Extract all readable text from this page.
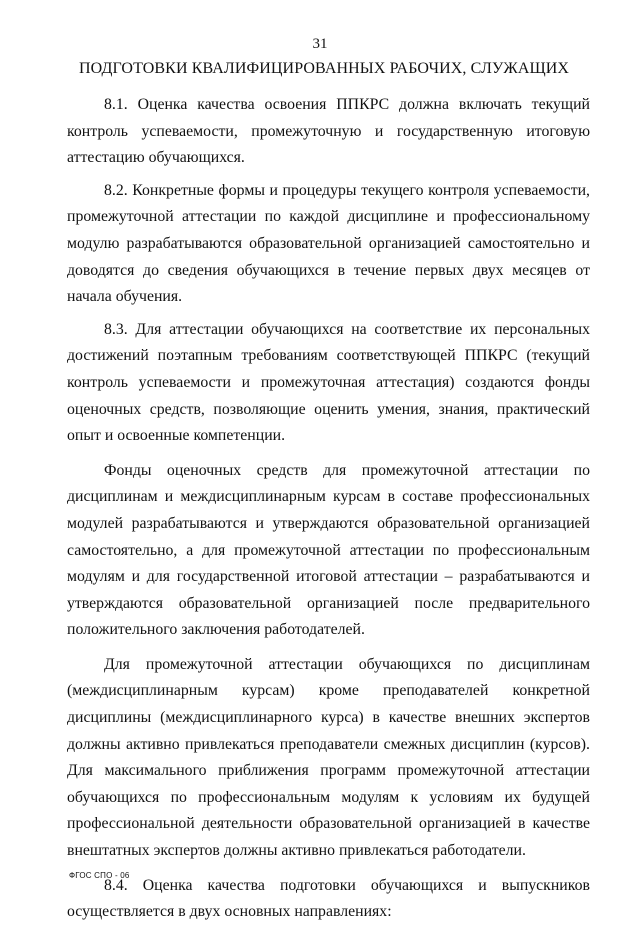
31
ПОДГОТОВКИ КВАЛИФИЦИРОВАННЫХ РАБОЧИХ, СЛУЖАЩИХ

8.1. Оценка качества освоения ППКРС должна включать текущий контроль успеваемости, промежуточную и государственную итоговую аттестацию обучающихся.

8.2. Конкретные формы и процедуры текущего контроля успеваемости, промежуточной аттестации по каждой дисциплине и профессиональному модулю разрабатываются образовательной организацией самостоятельно и доводятся до сведения обучающихся в течение первых двух месяцев от начала обучения.

8.3. Для аттестации обучающихся на соответствие их персональных достижений поэтапным требованиям соответствующей ППКРС (текущий контроль успеваемости и промежуточная аттестация) создаются фонды оценочных средств, позволяющие оценить умения, знания, практический опыт и освоенные компетенции.

Фонды оценочных средств для промежуточной аттестации по дисциплинам и междисциплинарным курсам в составе профессиональных модулей разрабатываются и утверждаются образовательной организацией самостоятельно, а для промежуточной аттестации по профессиональным модулям и для государственной итоговой аттестации – разрабатываются и утверждаются образовательной организацией после предварительного положительного заключения работодателей.

Для промежуточной аттестации обучающихся по дисциплинам (междисциплинарным курсам) кроме преподавателей конкретной дисциплины (междисциплинарного курса) в качестве внешних экспертов должны активно привлекаться преподаватели смежных дисциплин (курсов). Для максимального приближения программ промежуточной аттестации обучающихся по профессиональным модулям к условиям их будущей профессиональной деятельности образовательной организацией в качестве внештатных экспертов должны активно привлекаться работодатели.

8.4. Оценка качества подготовки обучающихся и выпускников осуществляется в двух основных направлениях:

ФГОС СПО - 06
